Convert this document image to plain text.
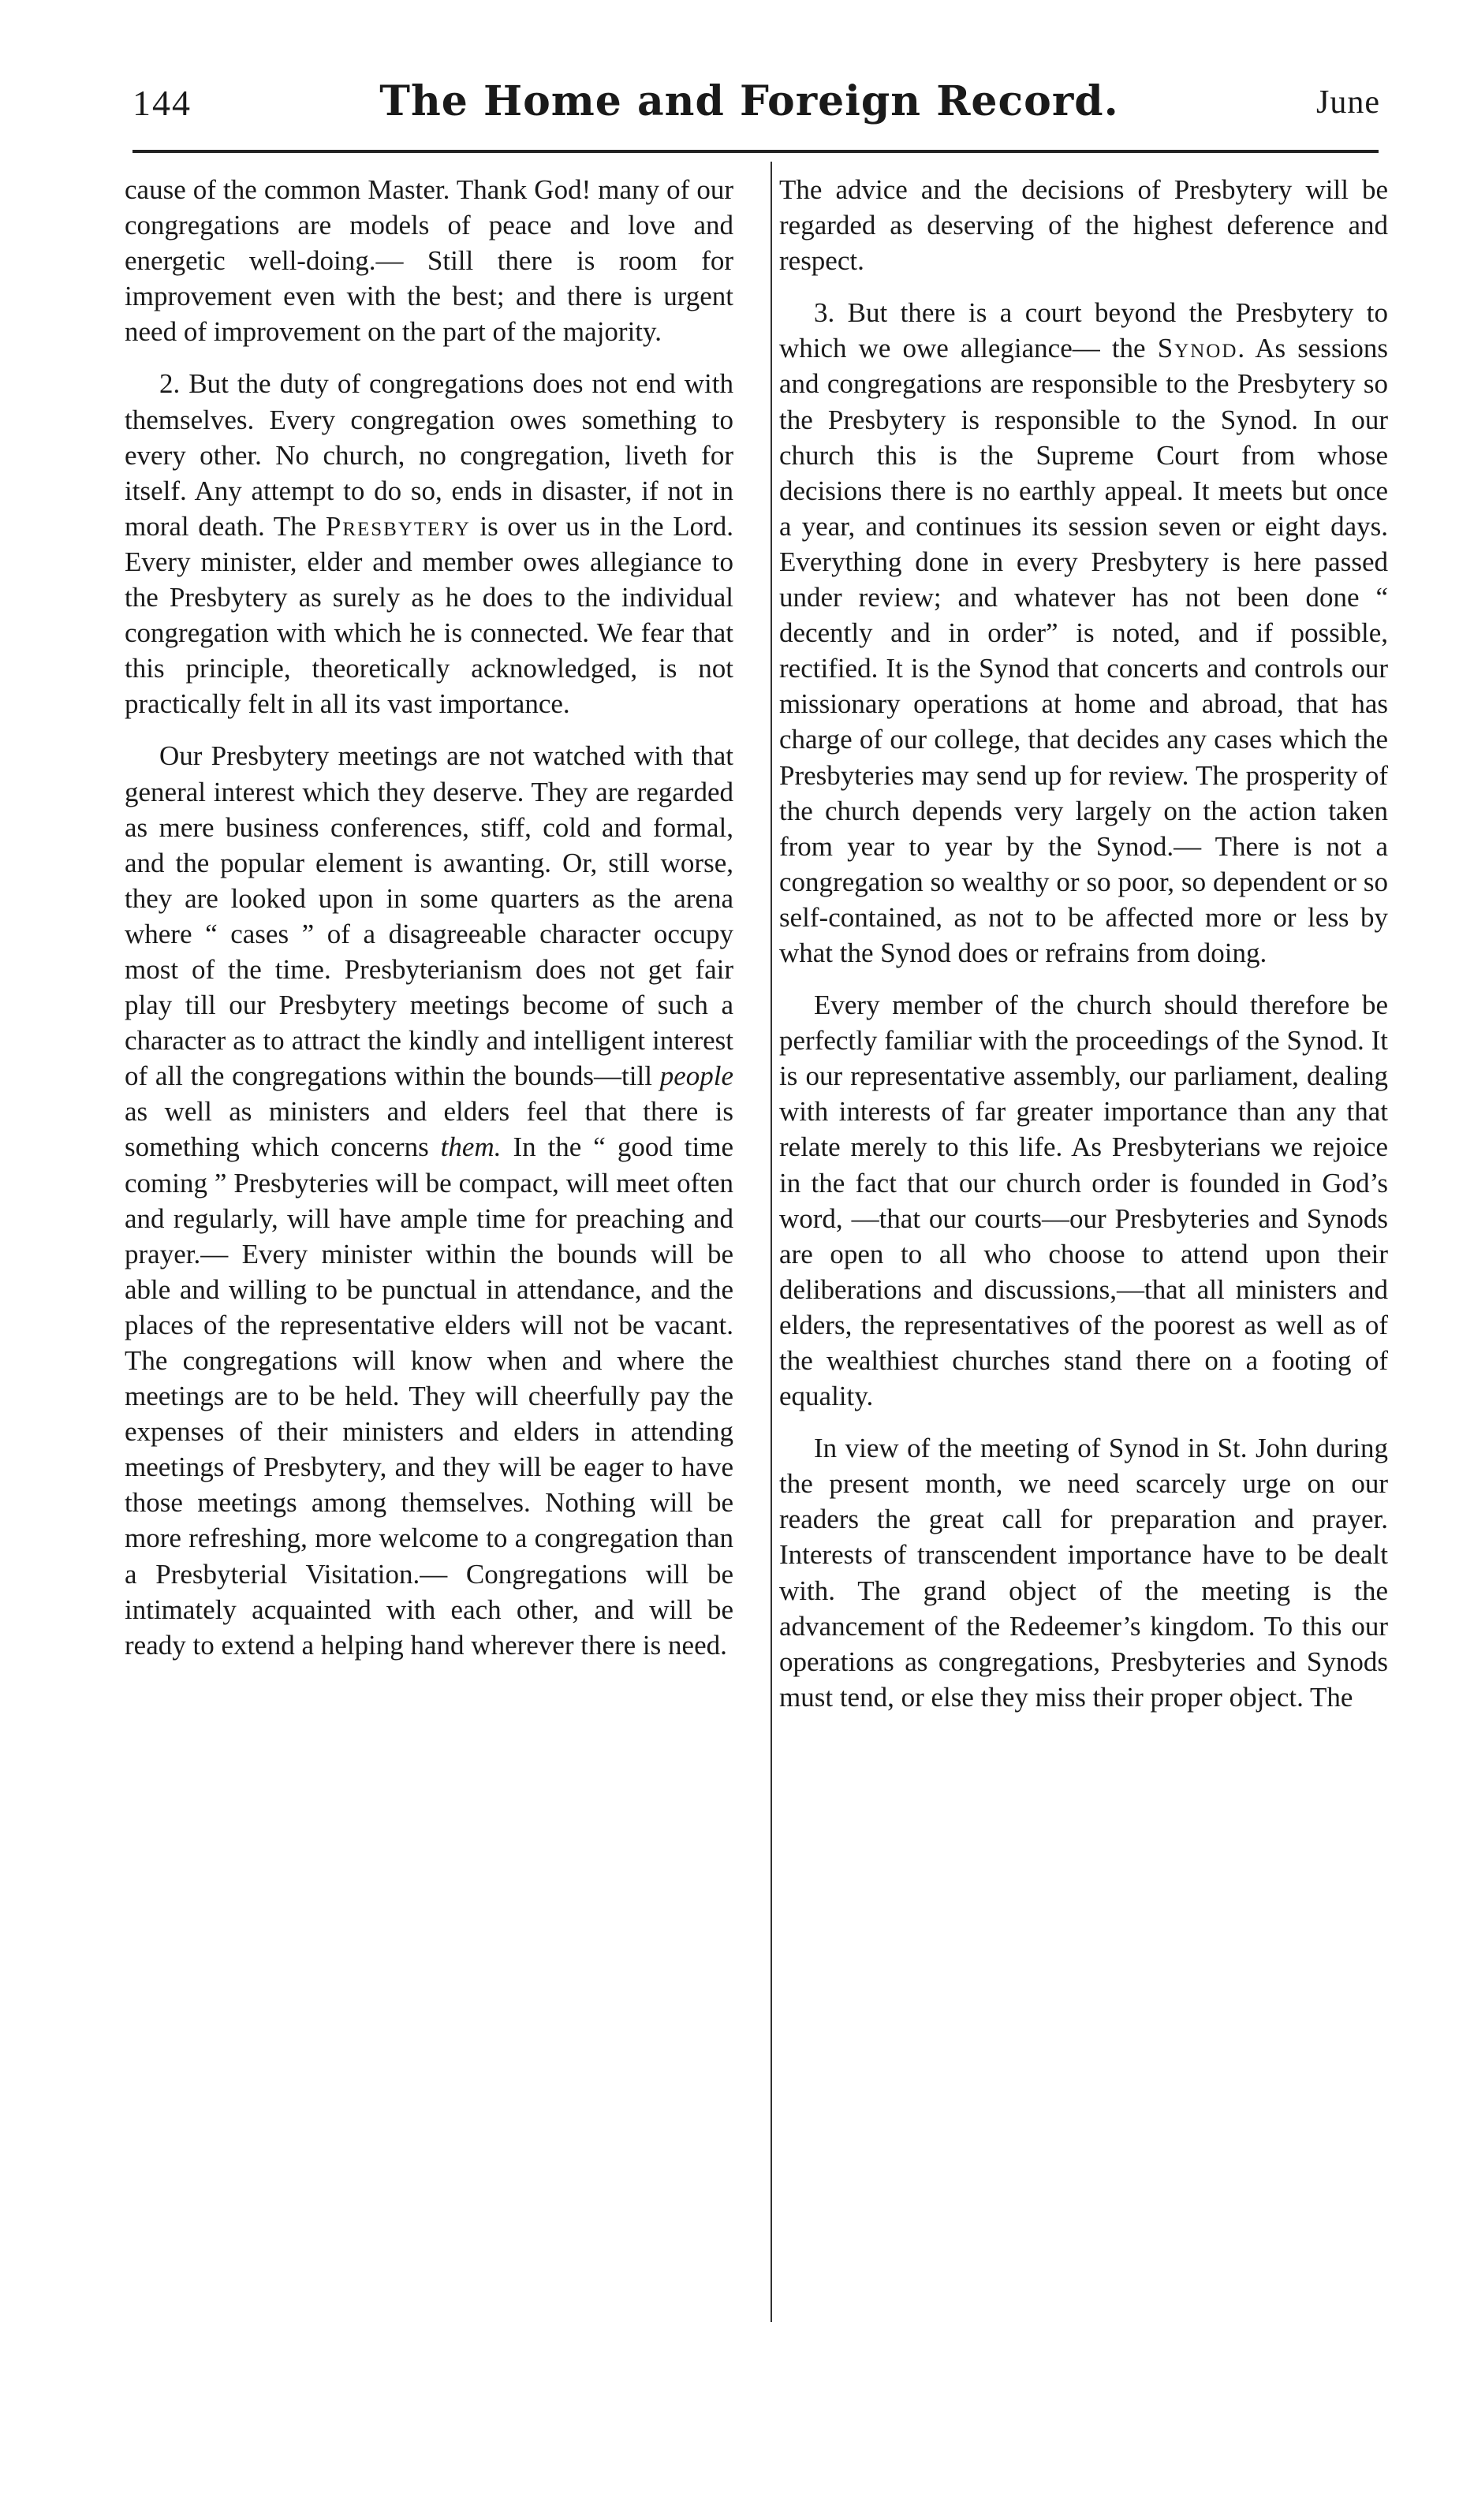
144	The Home and Foreign Record.	June

cause of the common Master. Thank God! many of our congregations are models of peace and love and energetic well-doing.— Still there is room for improvement even with the best; and there is urgent need of improvement on the part of the majority.

2. But the duty of congregations does not end with themselves. Every congregation owes something to every other. No church, no congregation, liveth for itself. Any attempt to do so, ends in disaster, if not in moral death. The Presbytery is over us in the Lord. Every minister, elder and member owes allegiance to the Presbytery as surely as he does to the individual congregation with which he is connected. We fear that this principle, theoretically acknowledged, is not practically felt in all its vast importance.

Our Presbytery meetings are not watched with that general interest which they deserve. They are regarded as mere business conferences, stiff, cold and formal, and the popular element is awanting. Or, still worse, they are looked upon in some quarters as the arena where “ cases ” of a disagreeable character occupy most of the time. Presbyterianism does not get fair play till our Presbytery meetings become of such a character as to attract the kindly and intelligent interest of all the congregations within the bounds—till people as well as ministers and elders feel that there is something which concerns them. In the “ good time coming ” Presbyteries will be compact, will meet often and regularly, will have ample time for preaching and prayer.— Every minister within the bounds will be able and willing to be punctual in attendance, and the places of the representative elders will not be vacant. The congregations will know when and where the meetings are to be held. They will cheerfully pay the expenses of their ministers and elders in attending meetings of Presbytery, and they will be eager to have those meetings among themselves. Nothing will be more refreshing, more welcome to a congregation than a Presbyterial Visitation.— Congregations will be intimately acquainted with each other, and will be ready to extend a helping hand wherever there is need.

The advice and the decisions of Presbytery will be regarded as deserving of the highest deference and respect.

3. But there is a court beyond the Presbytery to which we owe allegiance— the Synod. As sessions and congregations are responsible to the Presbytery so the Presbytery is responsible to the Synod. In our church this is the Supreme Court from whose decisions there is no earthly appeal. It meets but once a year, and continues its session seven or eight days. Everything done in every Presbytery is here passed under review; and whatever has not been done “ decently and in order” is noted, and if possible, rectified. It is the Synod that concerts and controls our missionary operations at home and abroad, that has charge of our college, that decides any cases which the Presbyteries may send up for review. The prosperity of the church depends very largely on the action taken from year to year by the Synod.— There is not a congregation so wealthy or so poor, so dependent or so self-contained, as not to be affected more or less by what the Synod does or refrains from doing.

Every member of the church should therefore be perfectly familiar with the proceedings of the Synod. It is our representative assembly, our parliament, dealing with interests of far greater importance than any that relate merely to this life. As Presbyterians we rejoice in the fact that our church order is founded in God’s word, —that our courts—our Presbyteries and Synods are open to all who choose to attend upon their deliberations and discussions,—that all ministers and elders, the representatives of the poorest as well as of the wealthiest churches stand there on a footing of equality.

In view of the meeting of Synod in St. John during the present month, we need scarcely urge on our readers the great call for preparation and prayer. Interests of transcendent importance have to be dealt with. The grand object of the meeting is the advancement of the Redeemer’s kingdom. To this our operations as congregations, Presbyteries and Synods must tend, or else they miss their proper object. The
